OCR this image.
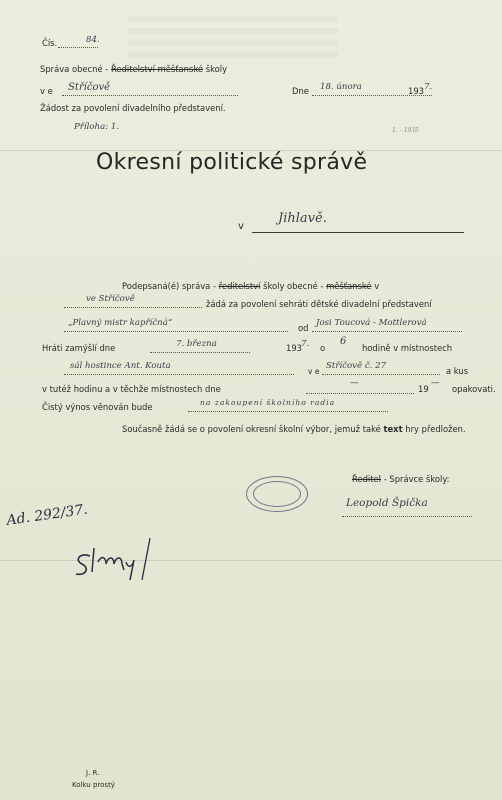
Čís.	84.
Správa obecné - Ředitelství měšťanské školy
v e Stříčově	Dne 18. února	193 7.
Žádost za povolení divadelního představení.
Příloha: 1.	1. - 1935
Okresní politické správě
v
Jihlavě.
Podepsaná(é) správa - ředitelství školy obecné - měšťanské v
ve Stříčově	žádá za povolení sehráti dětské divadelní představení
„Plavný mistr kapříčná“	od Josi Toucová - Mottlerová
Hráti zamýšlí dne	7. března	193 7. o
6
hodině v místnostech
sál hostince Ant. Kouta
v e
Stříčově č. 27	a kus
v tutéž hodinu a v těchže místnostech dne
—
19
—
opakovati.
Čistý výnos věnován bude	na zakoupení školního radia
Současně žádá se o povolení okresní školní výbor, jemuž také text hry předložen.
Ředitel - Správce školy:
Leopold Špička
Ad. 292/37.
J. R.
Kolku prostý
